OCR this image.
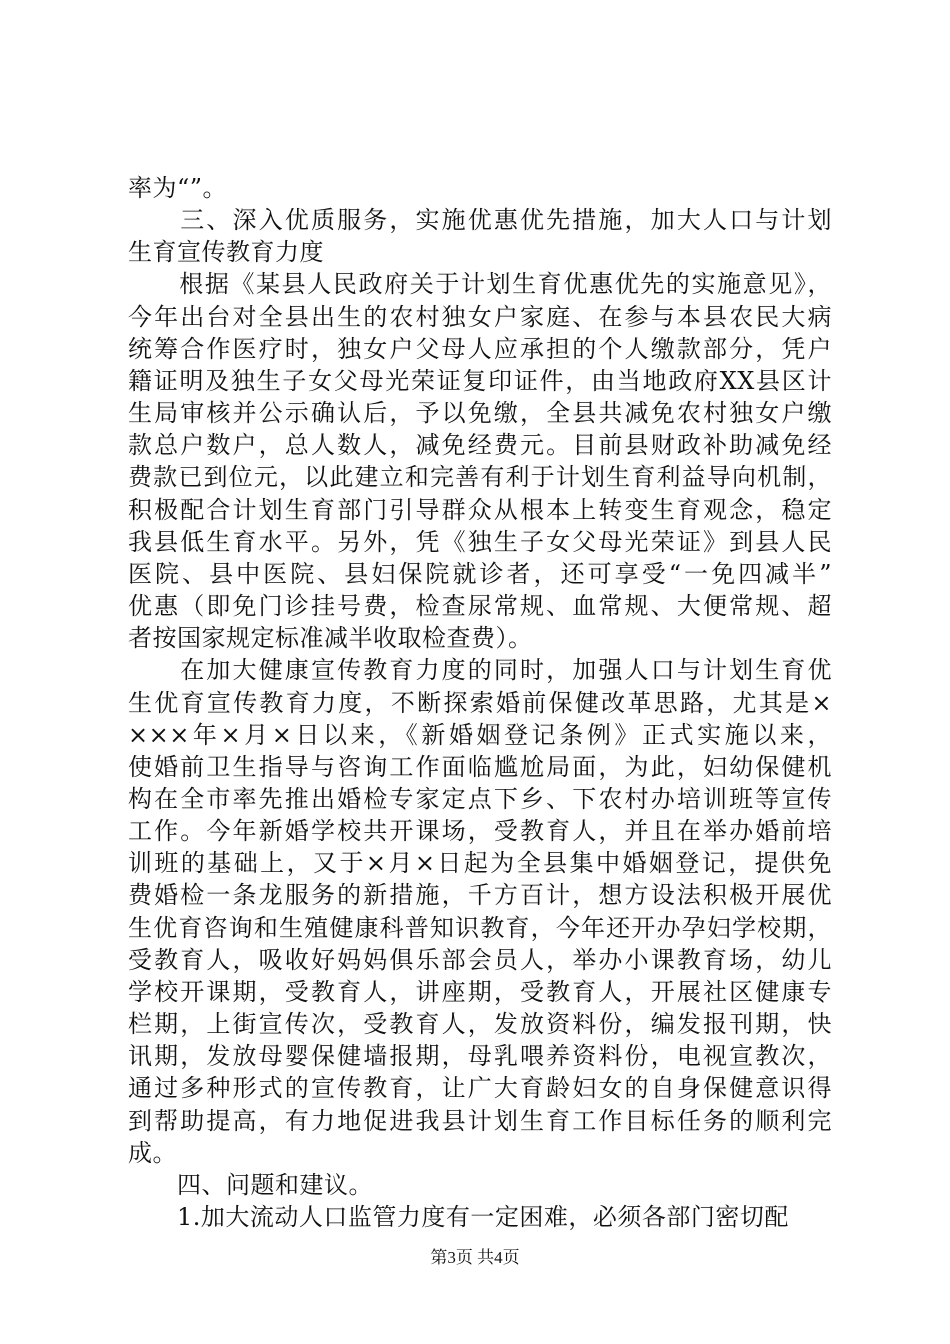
率为“”。
　　三、深入优质服务，实施优惠优先措施，加大人口与计划
生育宣传教育力度
　　根据《某县人民政府关于计划生育优惠优先的实施意见》，
今年出台对全县出生的农村独女户家庭、在参与本县农民大病
统筹合作医疗时，独女户父母人应承担的个人缴款部分，凭户
籍证明及独生子女父母光荣证复印证件，由当地政府XX县区计
生局审核并公示确认后，予以免缴，全县共减免农村独女户缴
款总户数户，总人数人，减免经费元。目前县财政补助减免经
费款已到位元，以此建立和完善有利于计划生育利益导向机制，
积极配合计划生育部门引导群众从根本上转变生育观念，稳定
我县低生育水平。另外，凭《独生子女父母光荣证》到县人民
医院、县中医院、县妇保院就诊者，还可享受“一免四减半”
优惠（即免门诊挂号费，检查尿常规、血常规、大便常规、超
者按国家规定标准减半收取检查费）。
　　在加大健康宣传教育力度的同时，加强人口与计划生育优
生优育宣传教育力度，不断探索婚前保健改革思路，尤其是×
×××年×月×日以来，《新婚姻登记条例》正式实施以来，
使婚前卫生指导与咨询工作面临尴尬局面，为此，妇幼保健机
构在全市率先推出婚检专家定点下乡、下农村办培训班等宣传
工作。今年新婚学校共开课场，受教育人，并且在举办婚前培
训班的基础上，又于×月×日起为全县集中婚姻登记，提供免
费婚检一条龙服务的新措施，千方百计，想方设法积极开展优
生优育咨询和生殖健康科普知识教育，今年还开办孕妇学校期，
受教育人，吸收好妈妈俱乐部会员人，举办小课教育场，幼儿
学校开课期，受教育人，讲座期，受教育人，开展社区健康专
栏期，上街宣传次，受教育人，发放资料份，编发报刊期，快
讯期，发放母婴保健墙报期，母乳喂养资料份，电视宣教次，
通过多种形式的宣传教育，让广大育龄妇女的自身保健意识得
到帮助提高，有力地促进我县计划生育工作目标任务的顺利完
成。
　　四、问题和建议。
　　1.加大流动人口监管力度有一定困难，必须各部门密切配
第3页 共4页
